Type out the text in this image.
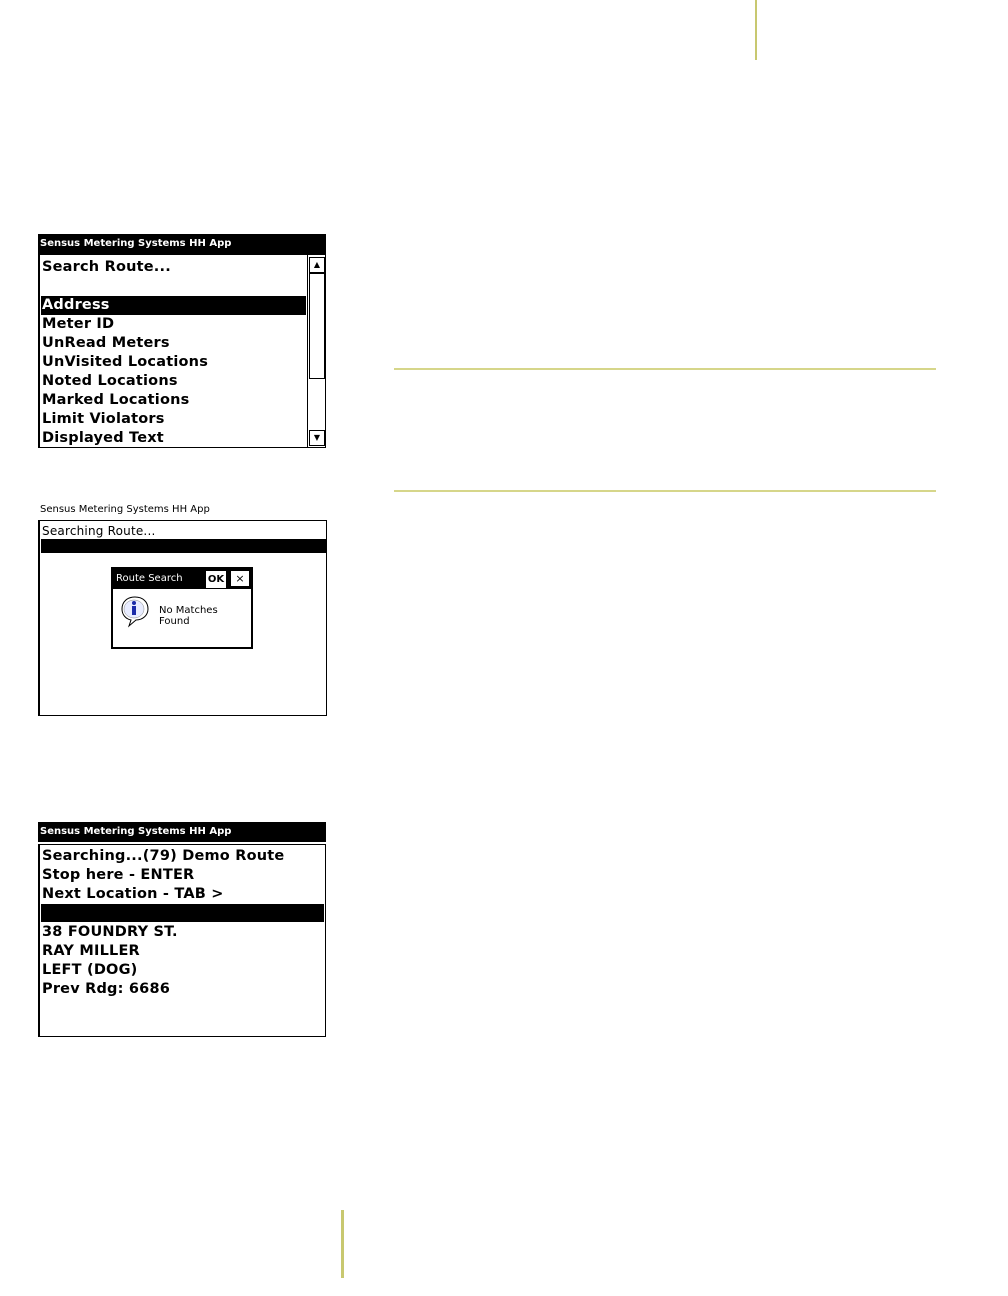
Sensus Metering Systems HH App
Search Route...
Address
Meter ID
UnRead Meters
UnVisited Locations
Noted Locations
Marked Locations
Limit Violators
Displayed Text
▲
▼
Sensus Metering Systems HH App
Searching Route...
Route Search	OK	×
No Matches Found
Sensus Metering Systems HH App
Searching...(79) Demo Route
Stop here - ENTER
Next Location - TAB >
38 FOUNDRY ST.
RAY MILLER
LEFT (DOG)
Prev Rdg: 6686
